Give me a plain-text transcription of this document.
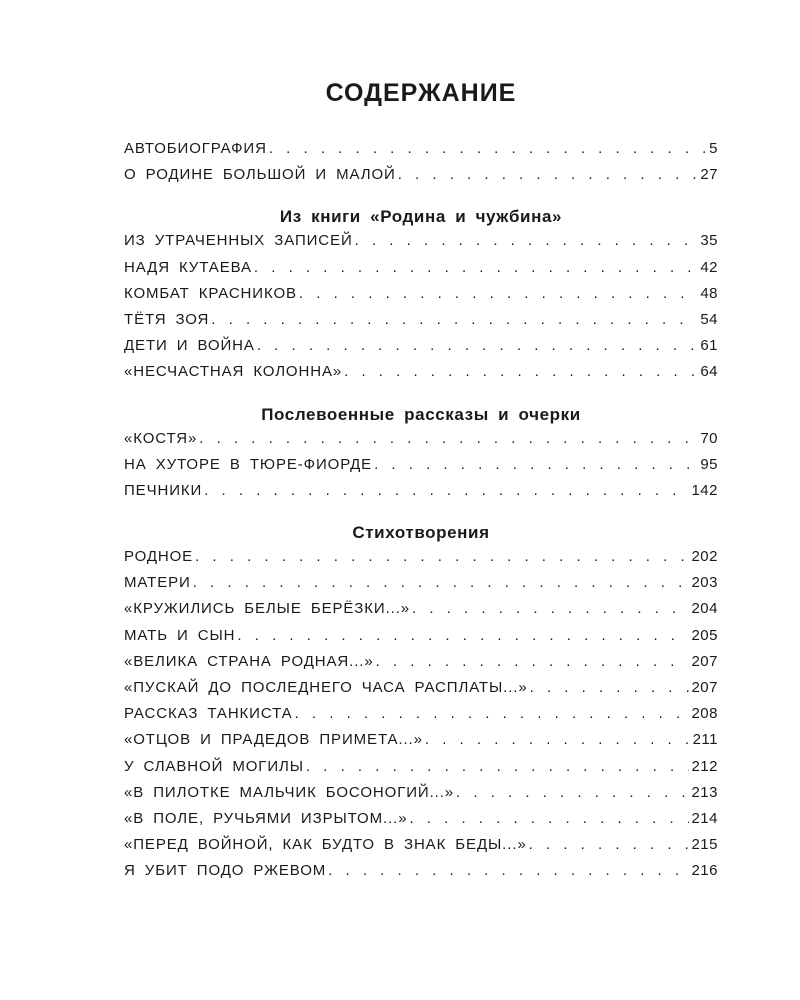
СОДЕРЖАНИЕ
АВТОБИОГРАФИЯ . . .	5
О РОДИНЕ БОЛЬШОЙ И МАЛОЙ . . .	27
Из книги «Родина и чужбина»
ИЗ УТРАЧЕННЫХ ЗАПИСЕЙ . . .	35
НАДЯ КУТАЕВА . . .	42
КОМБАТ КРАСНИКОВ . . .	48
ТЁТЯ ЗОЯ . . .	54
ДЕТИ И ВОЙНА . . .	61
«НЕСЧАСТНАЯ КОЛОННА» . . .	64
Послевоенные рассказы и очерки
«КОСТЯ» . . .	70
НА ХУТОРЕ В ТЮРЕ-ФИОРДЕ . . .	95
ПЕЧНИКИ . . .	142
Стихотворения
РОДНОЕ . . .	202
МАТЕРИ . . .	203
«КРУЖИЛИСЬ БЕЛЫЕ БЕРЁЗКИ...» . . .	204
МАТЬ И СЫН . . .	205
«ВЕЛИКА СТРАНА РОДНАЯ...» . . .	207
«ПУСКАЙ ДО ПОСЛЕДНЕГО ЧАСА РАСПЛАТЫ...» . . .	207
РАССКАЗ ТАНКИСТА . . .	208
«ОТЦОВ И ПРАДЕДОВ ПРИМЕТА...» . . .	211
У СЛАВНОЙ МОГИЛЫ . . .	212
«В ПИЛОТКЕ МАЛЬЧИК БОСОНОГИЙ...» . . .	213
«В ПОЛЕ, РУЧЬЯМИ ИЗРЫТОМ...» . . .	214
«ПЕРЕД ВОЙНОЙ, КАК БУДТО В ЗНАК БЕДЫ...» . . .	215
Я УБИТ ПОДО РЖЕВОМ . . .	216
